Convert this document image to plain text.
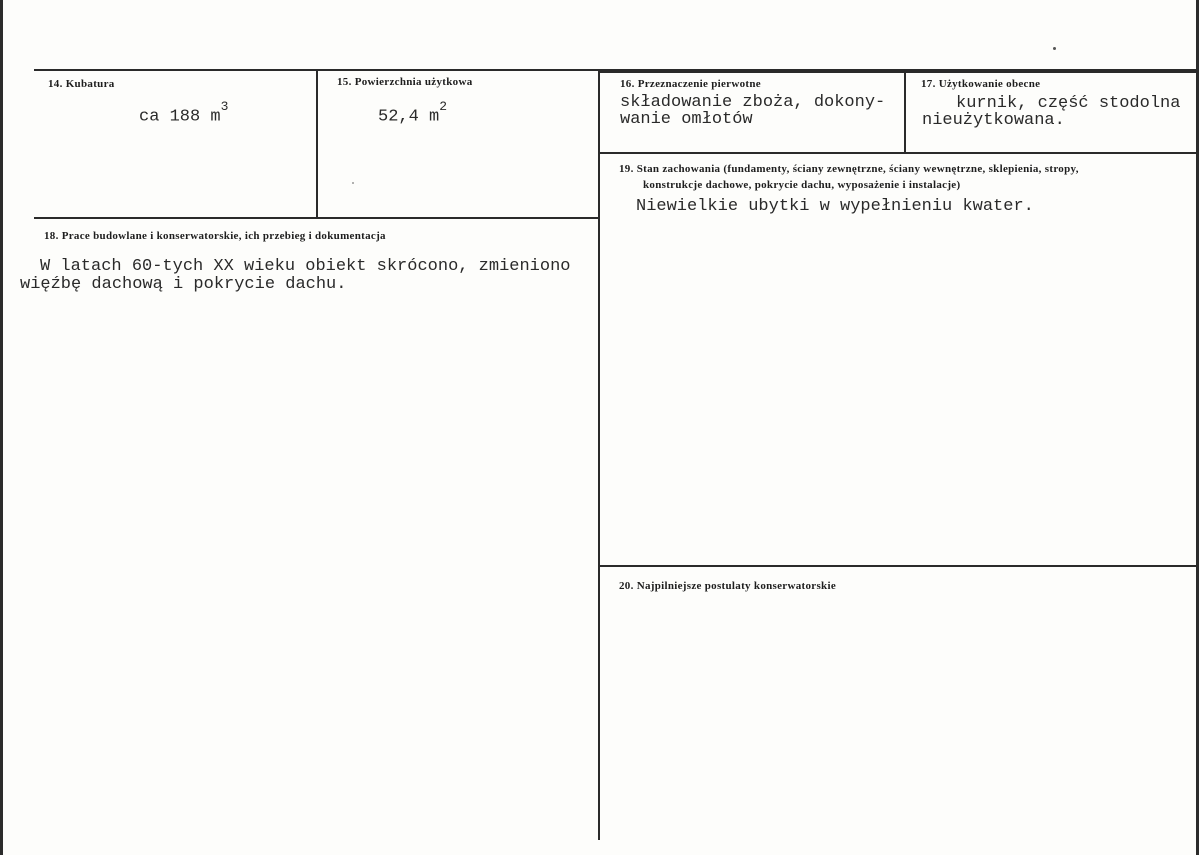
14. Kubatura
ca 188 $m^3$
15. Powierzchnia użytkowa
52,4 $m^2$
16. Przeznaczenie pierwotne
składowanie zboża, dokony-
wanie omłotów
17. Użytkowanie obecne
kurnik, część stodolna
nieużytkowana.
18. Prace budowlane i konserwatorskie, ich przebieg i dokumentacja
W latach 60-tych XX wieku obiekt skrócono, zmieniono
więźbę dachową i pokrycie dachu.
19. Stan zachowania (fundamenty, ściany zewnętrzne, ściany wewnętrzne, sklepienia, stropy,
konstrukcje dachowe, pokrycie dachu, wyposażenie i instalacje)
Niewielkie ubytki w wypełnieniu kwater.
20. Najpilniejsze postulaty konserwatorskie
